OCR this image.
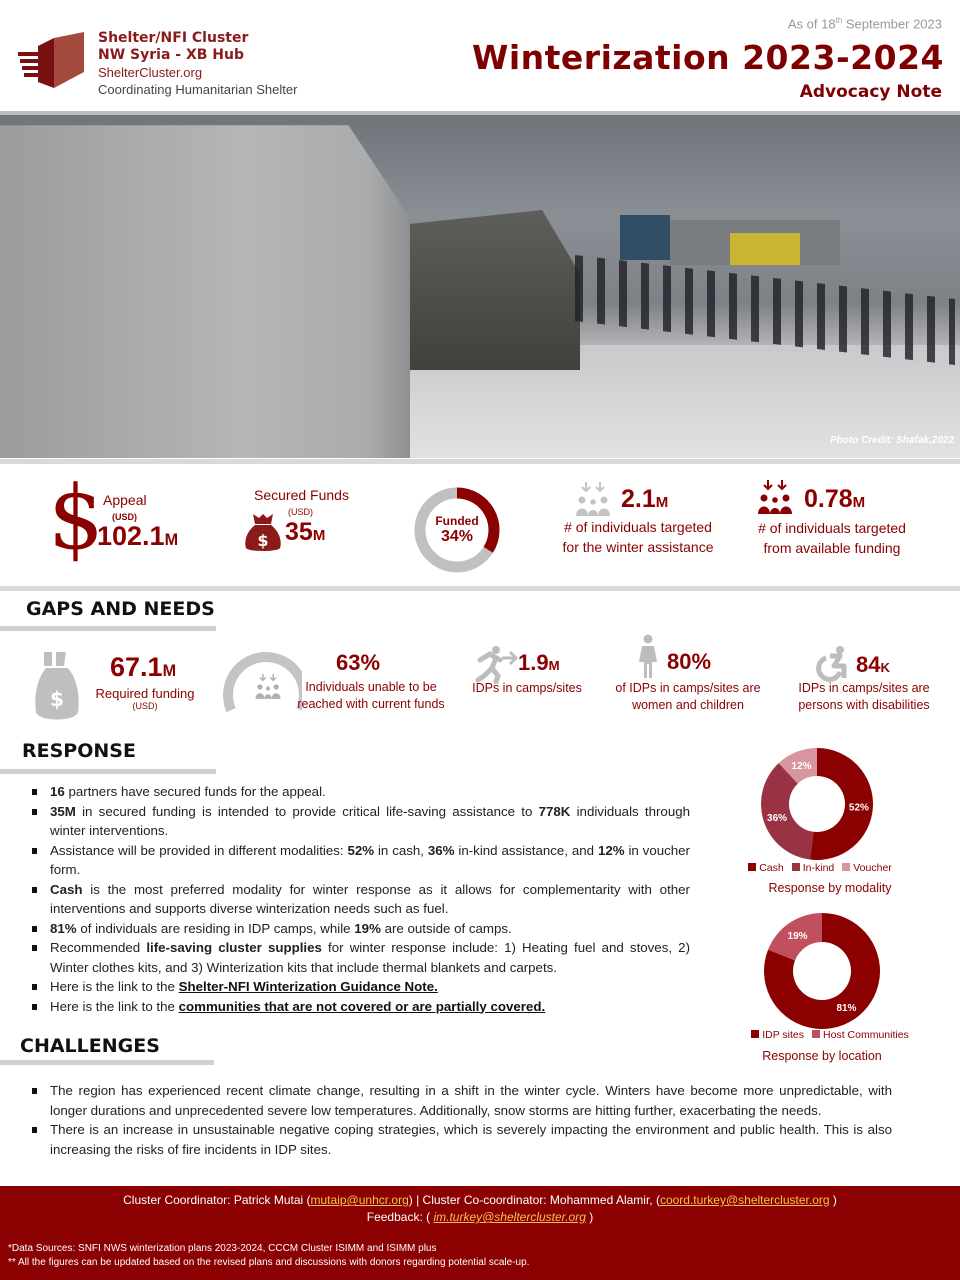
Shelter/NFI Cluster
NW Syria - XB Hub
ShelterCluster.org
Coordinating Humanitarian Shelter
As of 18th September 2023
Winterization 2023-2024
Advocacy Note
Photo Credit: Shafak,2022
$ Appeal
(USD)
102.1M
Secured Funds
(USD)
$ 35M
Funded
34%
2.1M
# of individuals targeted
for the winter assistance
0.78M
# of individuals targeted
from available funding
GAPS AND NEEDS
$
67.1M
Required funding
(USD)
63%
Individuals unable to be
reached with current funds
1.9M
IDPs in camps/sites
80%
of IDPs in camps/sites are
women and children
84K
IDPs in camps/sites are
persons with disabilities
RESPONSE
16 partners have secured funds for the appeal.
35M in secured funding is intended to provide critical life-saving assistance to 778K individuals through winter interventions.
Assistance will be provided in different modalities: 52% in cash, 36% in-kind assistance, and 12% in voucher form.
Cash is the most preferred modality for winter response as it allows for complementarity with other interventions and supports diverse winterization needs such as fuel.
81% of individuals are residing in IDP camps, while 19% are outside of camps.
Recommended life-saving cluster supplies for winter response include: 1) Heating fuel and stoves, 2) Winter clothes kits, and 3) Winterization kits that include thermal blankets and carpets.
Here is the link to the Shelter-NFI Winterization Guidance Note.
Here is the link to the communities that are not covered or are partially covered.
52%
36%
12%
Cash	In-kind	Voucher
Response by modality
81%
19%
IDP sites	Host Communities
Response by location
CHALLENGES
The region has experienced recent climate change, resulting in a shift in the winter cycle. Winters have become more unpredictable, with longer durations and unprecedented severe low temperatures. Additionally, snow storms are hitting further, exacerbating the needs.
There is an increase in unsustainable negative coping strategies, which is severely impacting the environment and public health. This is also increasing the risks of fire incidents in IDP sites.
Cluster Coordinator: Patrick Mutai (mutaip@unhcr.org) | Cluster Co-coordinator: Mohammed Alamir, (coord.turkey@sheltercluster.org )
Feedback: ( im.turkey@sheltercluster.org )
*Data Sources: SNFI NWS winterization plans 2023-2024, CCCM Cluster ISIMM and ISIMM plus
** All the figures can be updated based on the revised plans and discussions with donors regarding potential scale-up.
